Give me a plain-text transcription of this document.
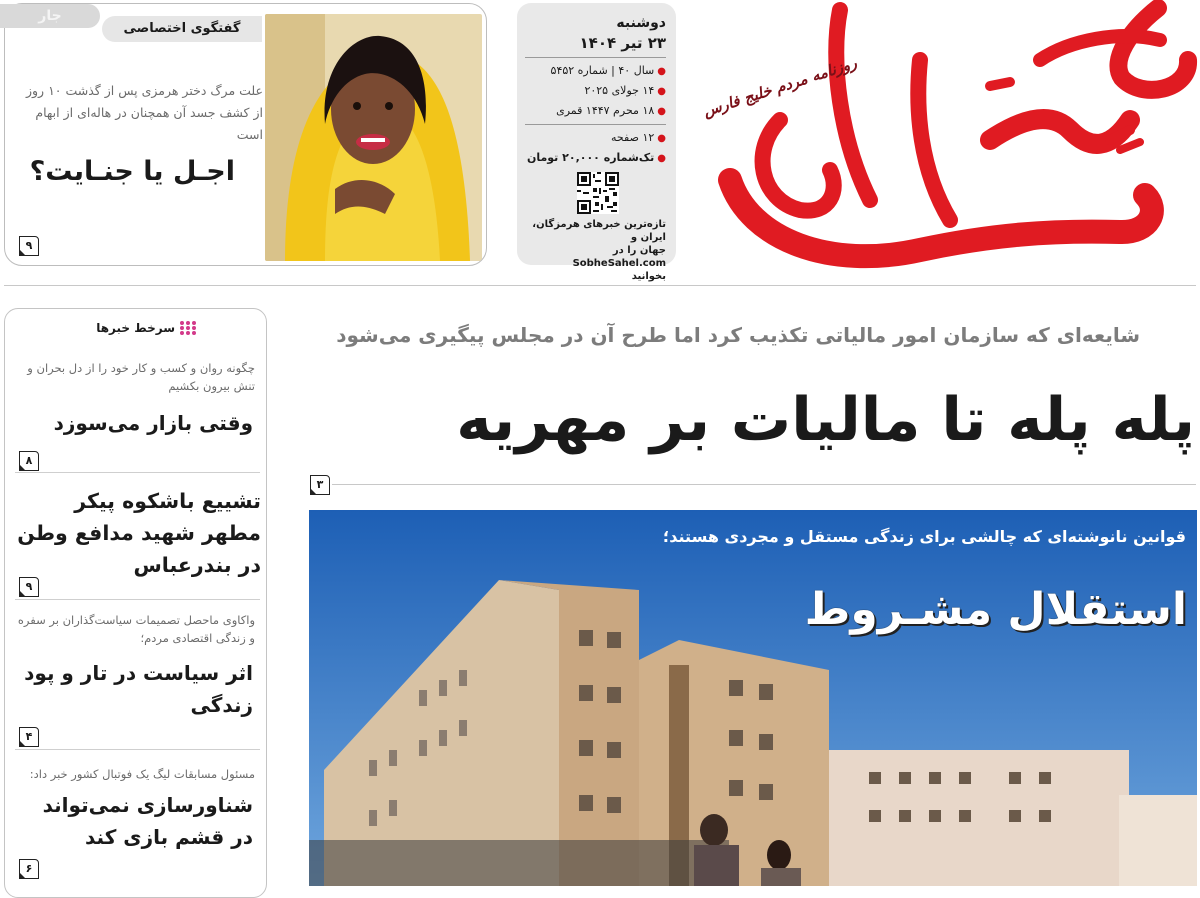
صبح ساحل
روزنامه مردم خلیج فارس
دوشنبه
۲۳ تیر ۱۴۰۴
●سال ۴۰ | شماره ۵۴۵۲
●۱۴ جولای ۲۰۲۵
●۱۸ محرم ۱۴۴۷ قمری
●۱۲ صفحه
●تک‌شماره ۲۰,۰۰۰ تومان
تازه‌ترین خبرهای هرمزگان، ایران و
جهان را در SobheSahel.com
بخوانید
گفتگوی اختصاصی
علت مرگ دختر هرمزی پس از گذشت ۱۰ روز از کشف جسد آن همچنان در هاله‌ای از ابهام است
اجـل یا جنـایت؟
۹
جار
سرخط خبرها
چگونه روان و کسب و کار خود را از دل بحران و تنش بیرون بکشیم
وقتی بازار می‌سوزد
۸
تشییع باشکوه پیکر مطهر شهید مدافع وطن در بندرعباس
۹
واکاوی ماحصل تصمیمات سیاست‌گذاران بر سفره و زندگی اقتصادی مردم؛
اثر سیاست در تار و پود زندگی
۴
مسئول مسابقات لیگ یک فوتبال کشور خبر داد:
شناورسازی نمی‌تواند در قشم بازی کند
۶
شایعه‌ای که سازمان امور مالیاتی تکذیب کرد اما طرح آن در مجلس پیگیری می‌شود
پله پله تا مالیات بر مهریه
۳
قوانین نانوشته‌ای که چالشی برای زندگی مستقل و مجردی هستند؛
استقلال مشـروط
